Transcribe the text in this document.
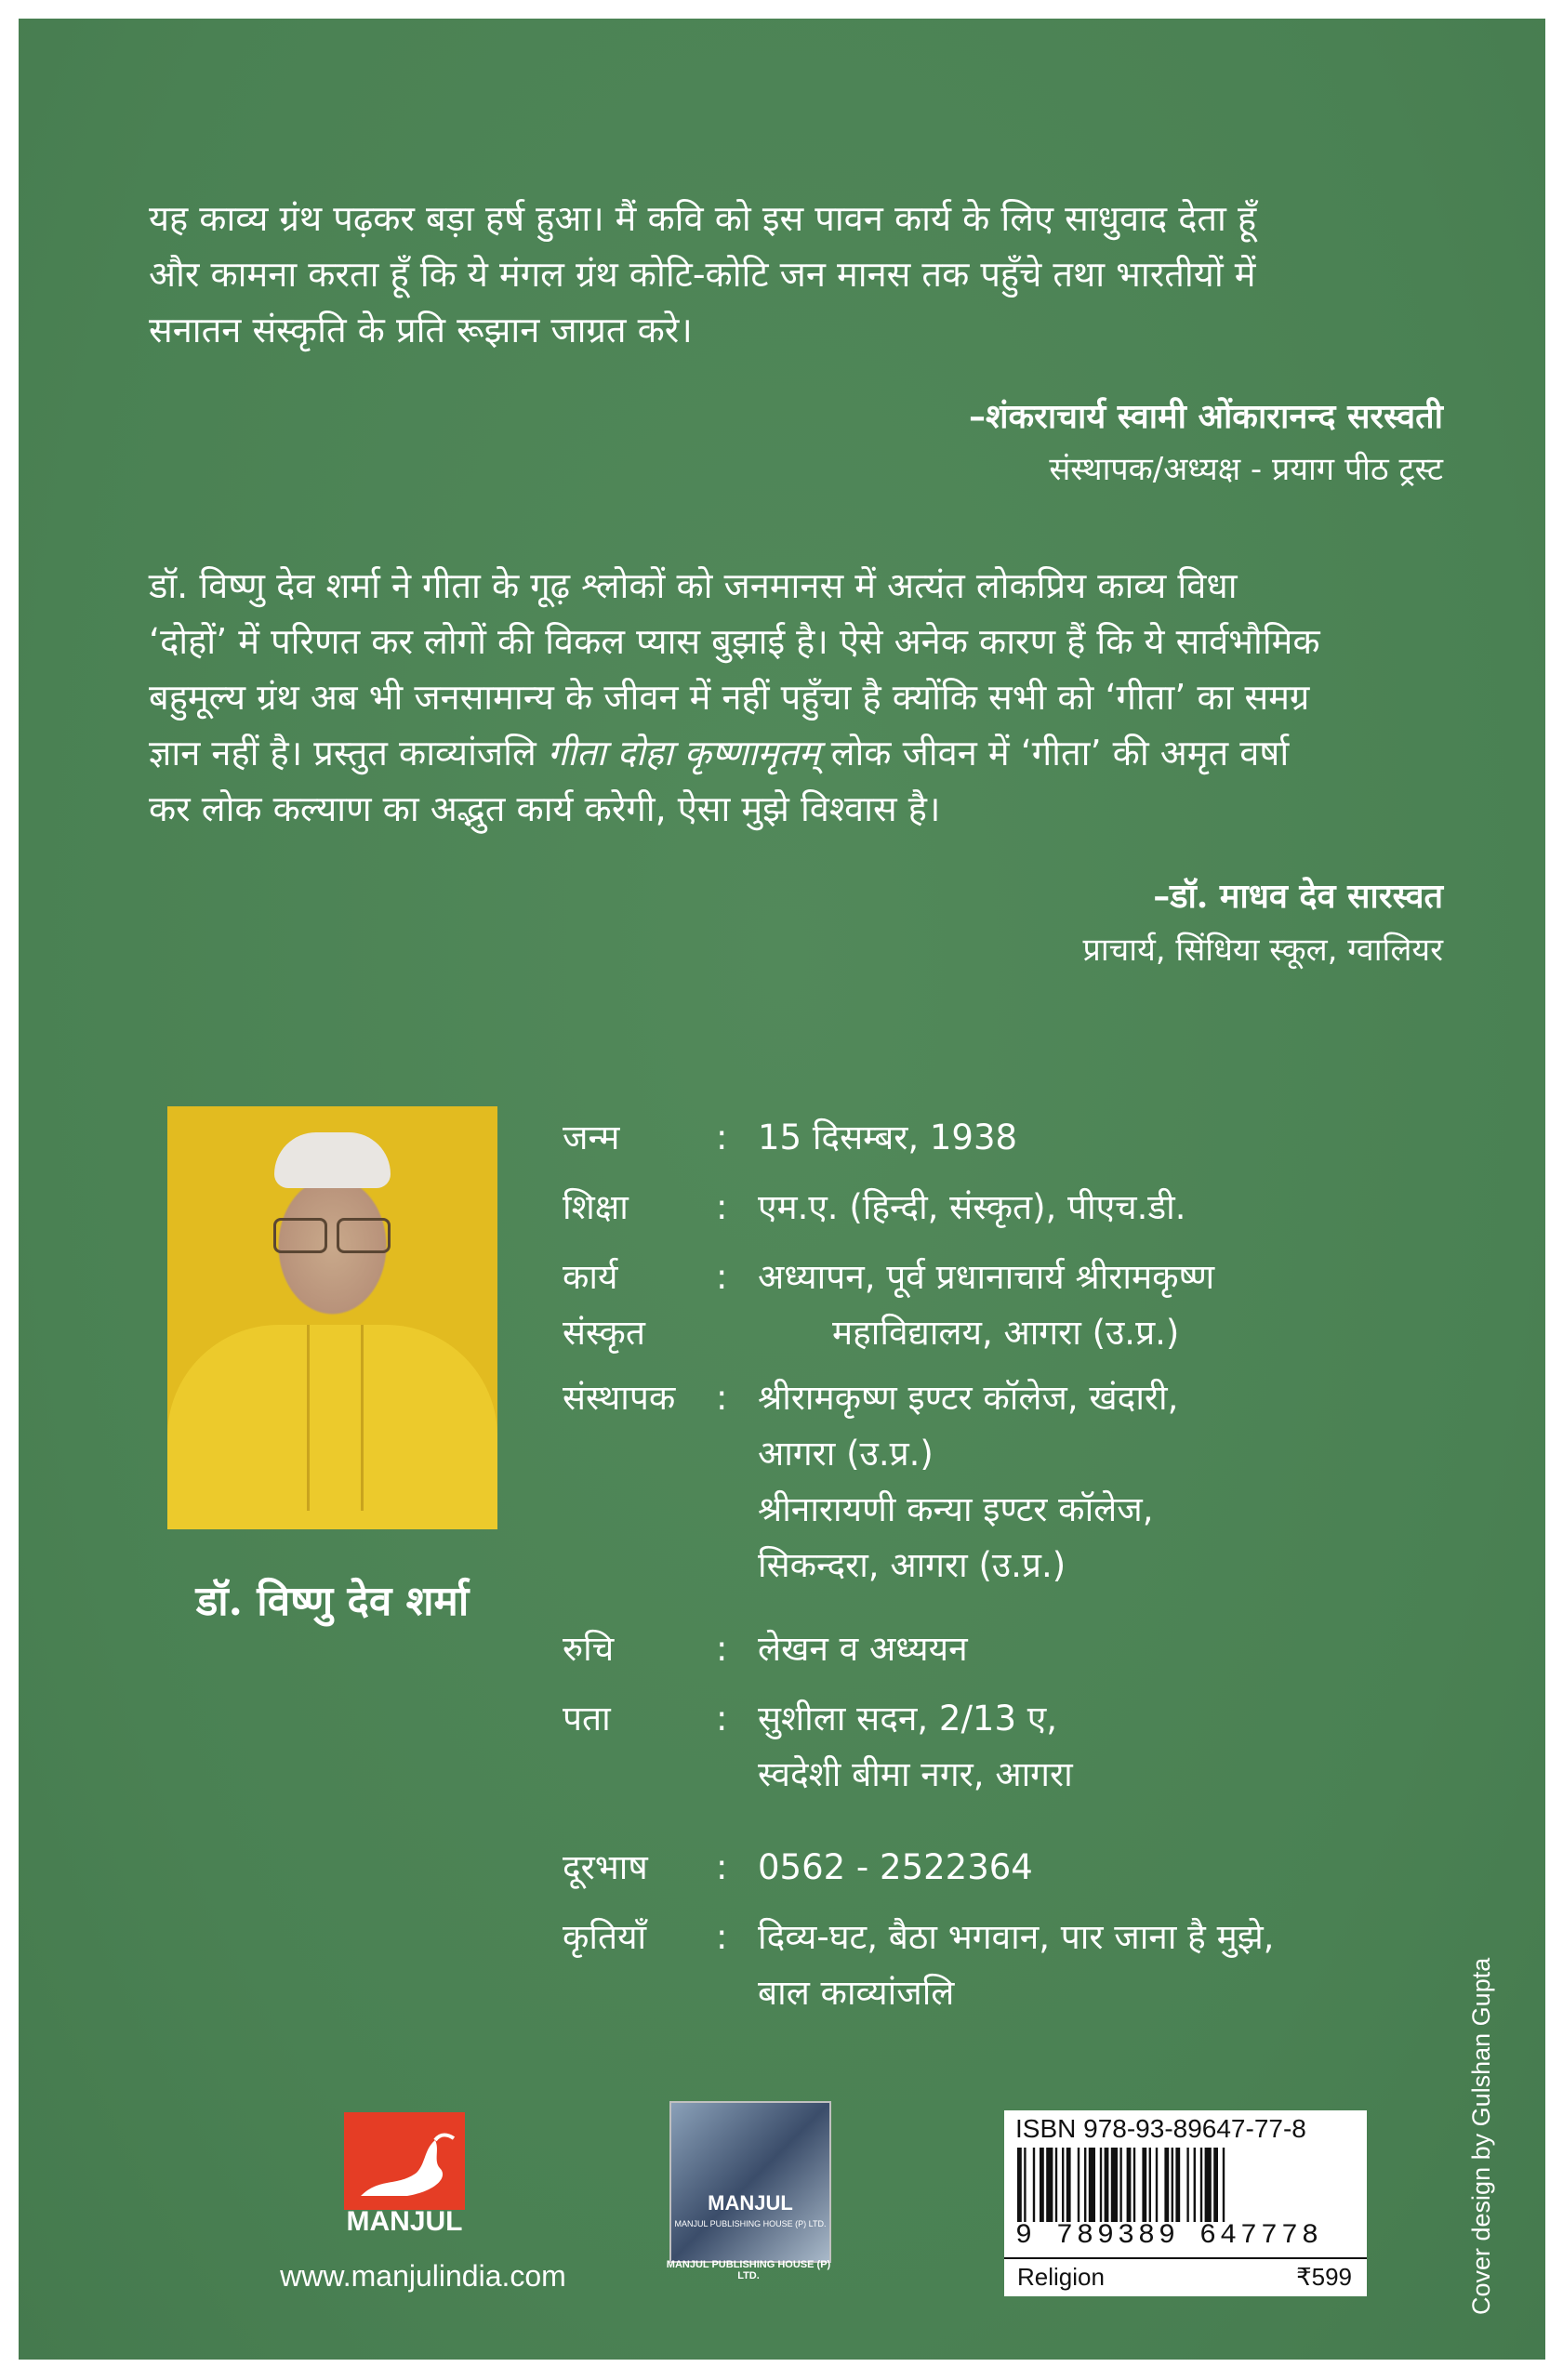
यह काव्य ग्रंथ पढ़कर बड़ा हर्ष हुआ। मैं कवि को इस पावन कार्य के लिए साधुवाद देता हूँ
और कामना करता हूँ कि ये मंगल ग्रंथ कोटि-कोटि जन मानस तक पहुँचे तथा भारतीयों में
सनातन संस्कृति के प्रति रूझान जाग्रत करे।
–शंकराचार्य स्वामी ओंकारानन्द सरस्वती
संस्थापक/अध्यक्ष - प्रयाग पीठ ट्रस्ट
डॉ. विष्णु देव शर्मा ने गीता के गूढ़ श्लोकों को जनमानस में अत्यंत लोकप्रिय काव्य विधा
‘दोहों’ में परिणत कर लोगों की विकल प्यास बुझाई है। ऐसे अनेक कारण हैं कि ये सार्वभौमिक
बहुमूल्य ग्रंथ अब भी जनसामान्य के जीवन में नहीं पहुँचा है क्योंकि सभी को ‘गीता’ का समग्र
ज्ञान नहीं है। प्रस्तुत काव्यांजलि गीता दोहा कृष्णामृतम् लोक जीवन में ‘गीता’ की अमृत वर्षा
कर लोक कल्याण का अद्भुत कार्य करेगी, ऐसा मुझे विश्वास है।
–डॉ. माधव देव सारस्वत
प्राचार्य, सिंधिया स्कूल, ग्वालियर
डॉ. विष्णु देव शर्मा
जन्म	: 15 दिसम्बर, 1938
शिक्षा	: एम.ए. (हिन्दी, संस्कृत), पीएच.डी.
कार्य	: अध्यापन, पूर्व प्रधानाचार्य श्रीरामकृष्ण
संस्कृत	महाविद्यालय, आगरा (उ.प्र.)
संस्थापक : श्रीरामकृष्ण इण्टर कॉलेज, खंदारी,
आगरा (उ.प्र.)
श्रीनारायणी कन्या इण्टर कॉलेज,
सिकन्दरा, आगरा (उ.प्र.)
रुचि	: लेखन व अध्ययन
पता	: सुशीला सदन, 2/13 ए,
स्वदेशी बीमा नगर, आगरा
दूरभाष : 0562 - 2522364
कृतियाँ : दिव्य-घट, बैठा भगवान, पार जाना है मुझे,
बाल काव्यांजलि
MANJUL
www.manjulindia.com
MANJUL
MANJUL PUBLISHING HOUSE (P) LTD.
MANJUL PUBLISHING HOUSE (P) LTD.
ISBN 978-93-89647-77-8
9 789389 647778
Religion	₹599	Cover design by Gulshan Gupta
